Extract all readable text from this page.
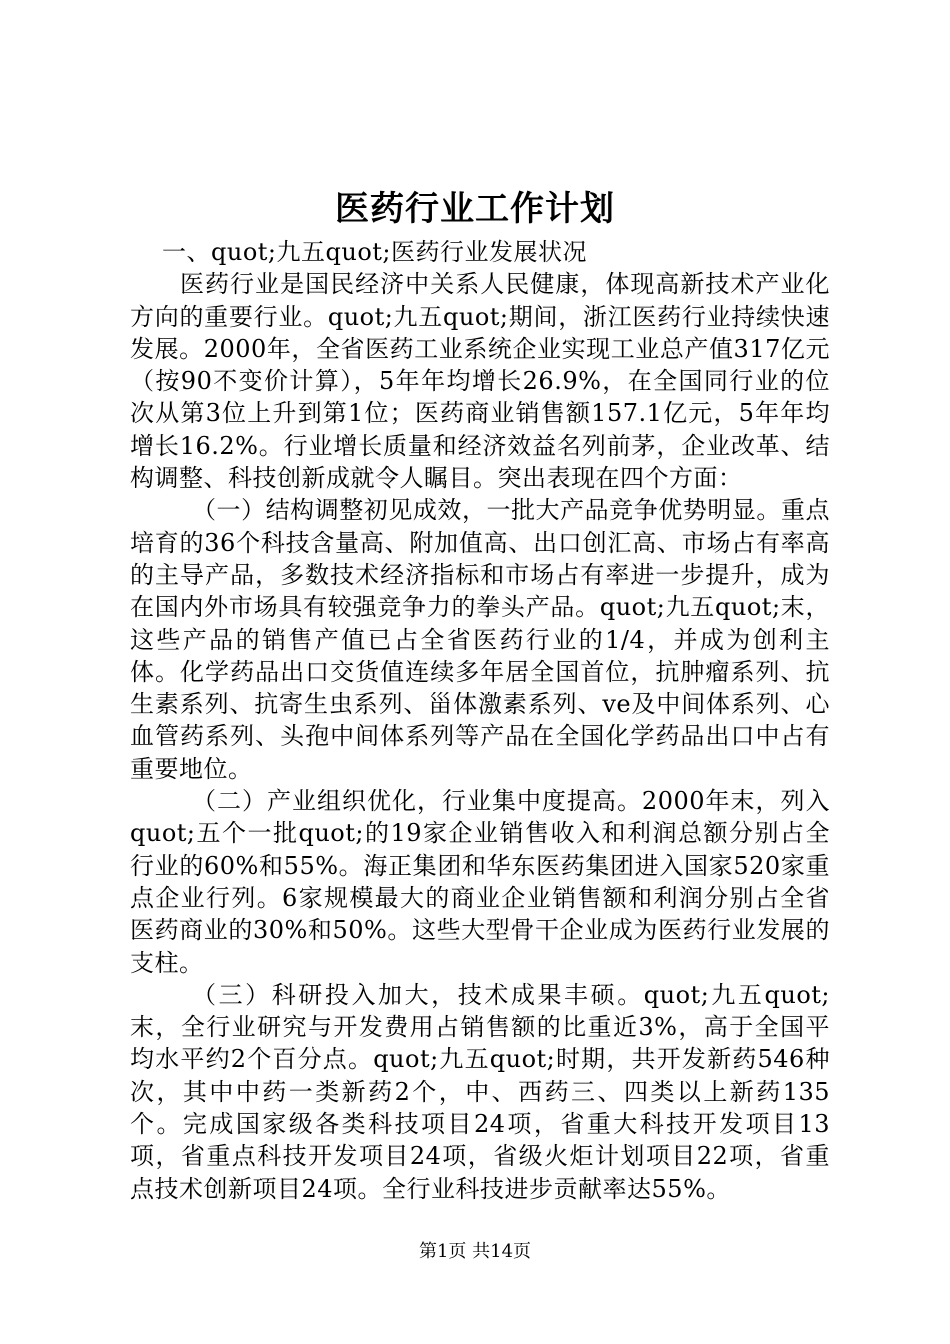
医药行业工作计划

一、quot;九五quot;医药行业发展状况

医药行业是国民经济中关系人民健康，体现高新技术产业化方向的重要行业。quot;九五quot;期间，浙江医药行业持续快速发展。2000年，全省医药工业系统企业实现工业总产值317亿元（按90不变价计算），5年年均增长26.9%，在全国同行业的位次从第3位上升到第1位；医药商业销售额157.1亿元，5年年均增长16.2%。行业增长质量和经济效益名列前茅，企业改革、结构调整、科技创新成就令人瞩目。突出表现在四个方面：

（一）结构调整初见成效，一批大产品竞争优势明显。重点培育的36个科技含量高、附加值高、出口创汇高、市场占有率高的主导产品，多数技术经济指标和市场占有率进一步提升，成为在国内外市场具有较强竞争力的拳头产品。quot;九五quot;末，这些产品的销售产值已占全省医药行业的1/4，并成为创利主体。化学药品出口交货值连续多年居全国首位，抗肿瘤系列、抗生素系列、抗寄生虫系列、甾体激素系列、ve及中间体系列、心血管药系列、头孢中间体系列等产品在全国化学药品出口中占有重要地位。

（二）产业组织优化，行业集中度提高。2000年末，列入quot;五个一批quot;的19家企业销售收入和利润总额分别占全行业的60%和55%。海正集团和华东医药集团进入国家520家重点企业行列。6家规模最大的商业企业销售额和利润分别占全省医药商业的30%和50%。这些大型骨干企业成为医药行业发展的支柱。

（三）科研投入加大，技术成果丰硕。quot;九五quot;末，全行业研究与开发费用占销售额的比重近3%，高于全国平均水平约2个百分点。quot;九五quot;时期，共开发新药546种次，其中中药一类新药2个，中、西药三、四类以上新药135个。完成国家级各类科技项目24项，省重大科技开发项目13项，省重点科技开发项目24项，省级火炬计划项目22项，省重点技术创新项目24项。全行业科技进步贡献率达55%。

第1页 共14页
